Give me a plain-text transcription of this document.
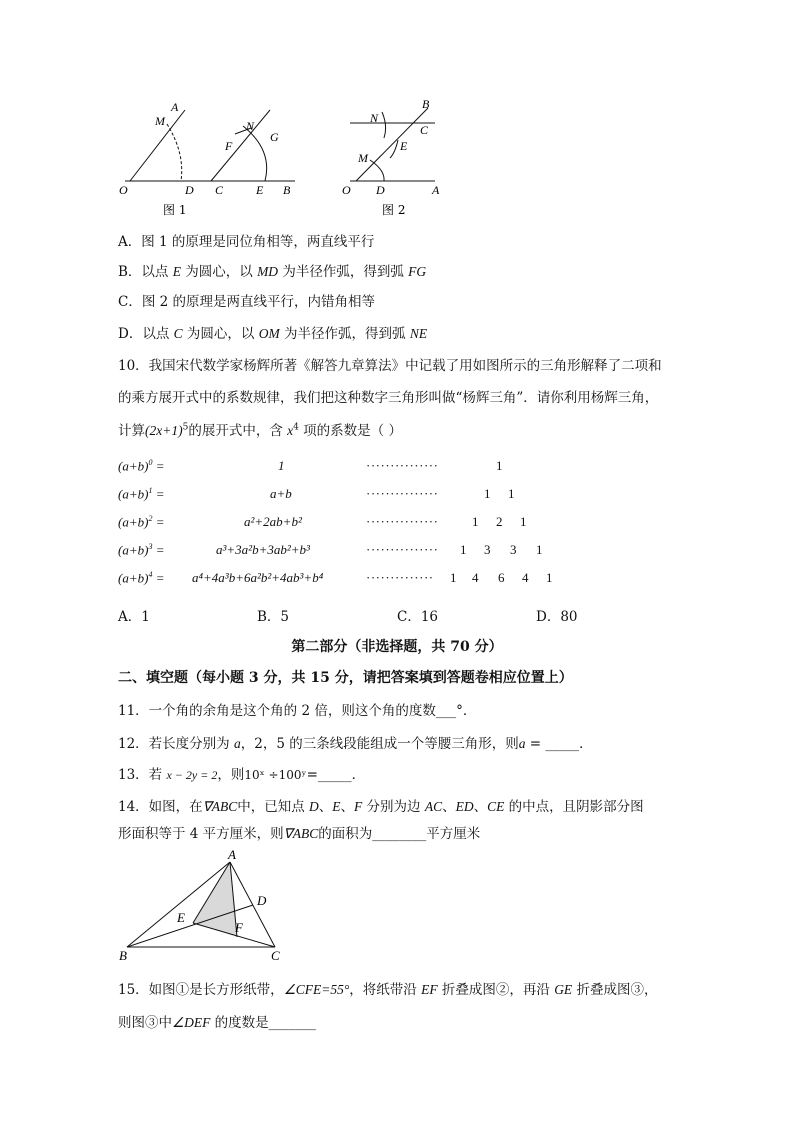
A
M
O	D
N
G
F
C	E B
图 1
B
N
C
E
M
O D	A
图 2
A．图 1 的原理是同位角相等，两直线平行
B．以点 E 为圆心，以 MD 为半径作弧，得到弧 FG
C．图 2 的原理是两直线平行，内错角相等
D．以点 C 为圆心，以 OM 为半径作弧，得到弧 NE
10．我国宋代数学家杨辉所著《解答九章算法》中记载了用如图所示的三角形解释了二项和
的乘方展开式中的系数规律，我们把这种数字三角形叫做“杨辉三角”．请你利用杨辉三角，
计算$(2x+1)^5$的展开式中，含 $x^4$ 项的系数是（ ）
$(a+b)^0$ =	1	···············	1
$(a+b)^1$ =	a+b	···············	1 1
$(a+b)^2$ =	a²+2ab+b²	···············	1 2 1
$(a+b)^3$ =	a³+3a²b+3ab²+b³	··············· 1 3 3 1
$(a+b)^4 = a^4+4a^3b+6a^2b^2+4ab^3+b^4$	·············· 1 4 6 4 1
A．1	B．5	C．16	D．80
第二部分（非选择题，共 70 分）
二、填空题（每小题 3 分，共 15 分，请把答案填到答题卷相应位置上）
11．一个角的余角是这个角的 2 倍，则这个角的度数___°．
12．若长度分别为 a，2，5 的三条线段能组成一个等腰三角形，则a = _____．
13．若 x − 2y = 2，则10ˣ ÷100ʸ=_____．
14．如图，在∇ABC中，已知点 D、E、F 分别为边 AC、ED、CE 的中点，且阴影部分图
形面积等于 4 平方厘米，则∇ABC的面积为________平方厘米
A
D
E
F
B	C
15．如图①是长方形纸带，∠CFE=55°，将纸带沿 EF 折叠成图②，再沿 GE 折叠成图③，
则图③中∠DEF 的度数是_______
